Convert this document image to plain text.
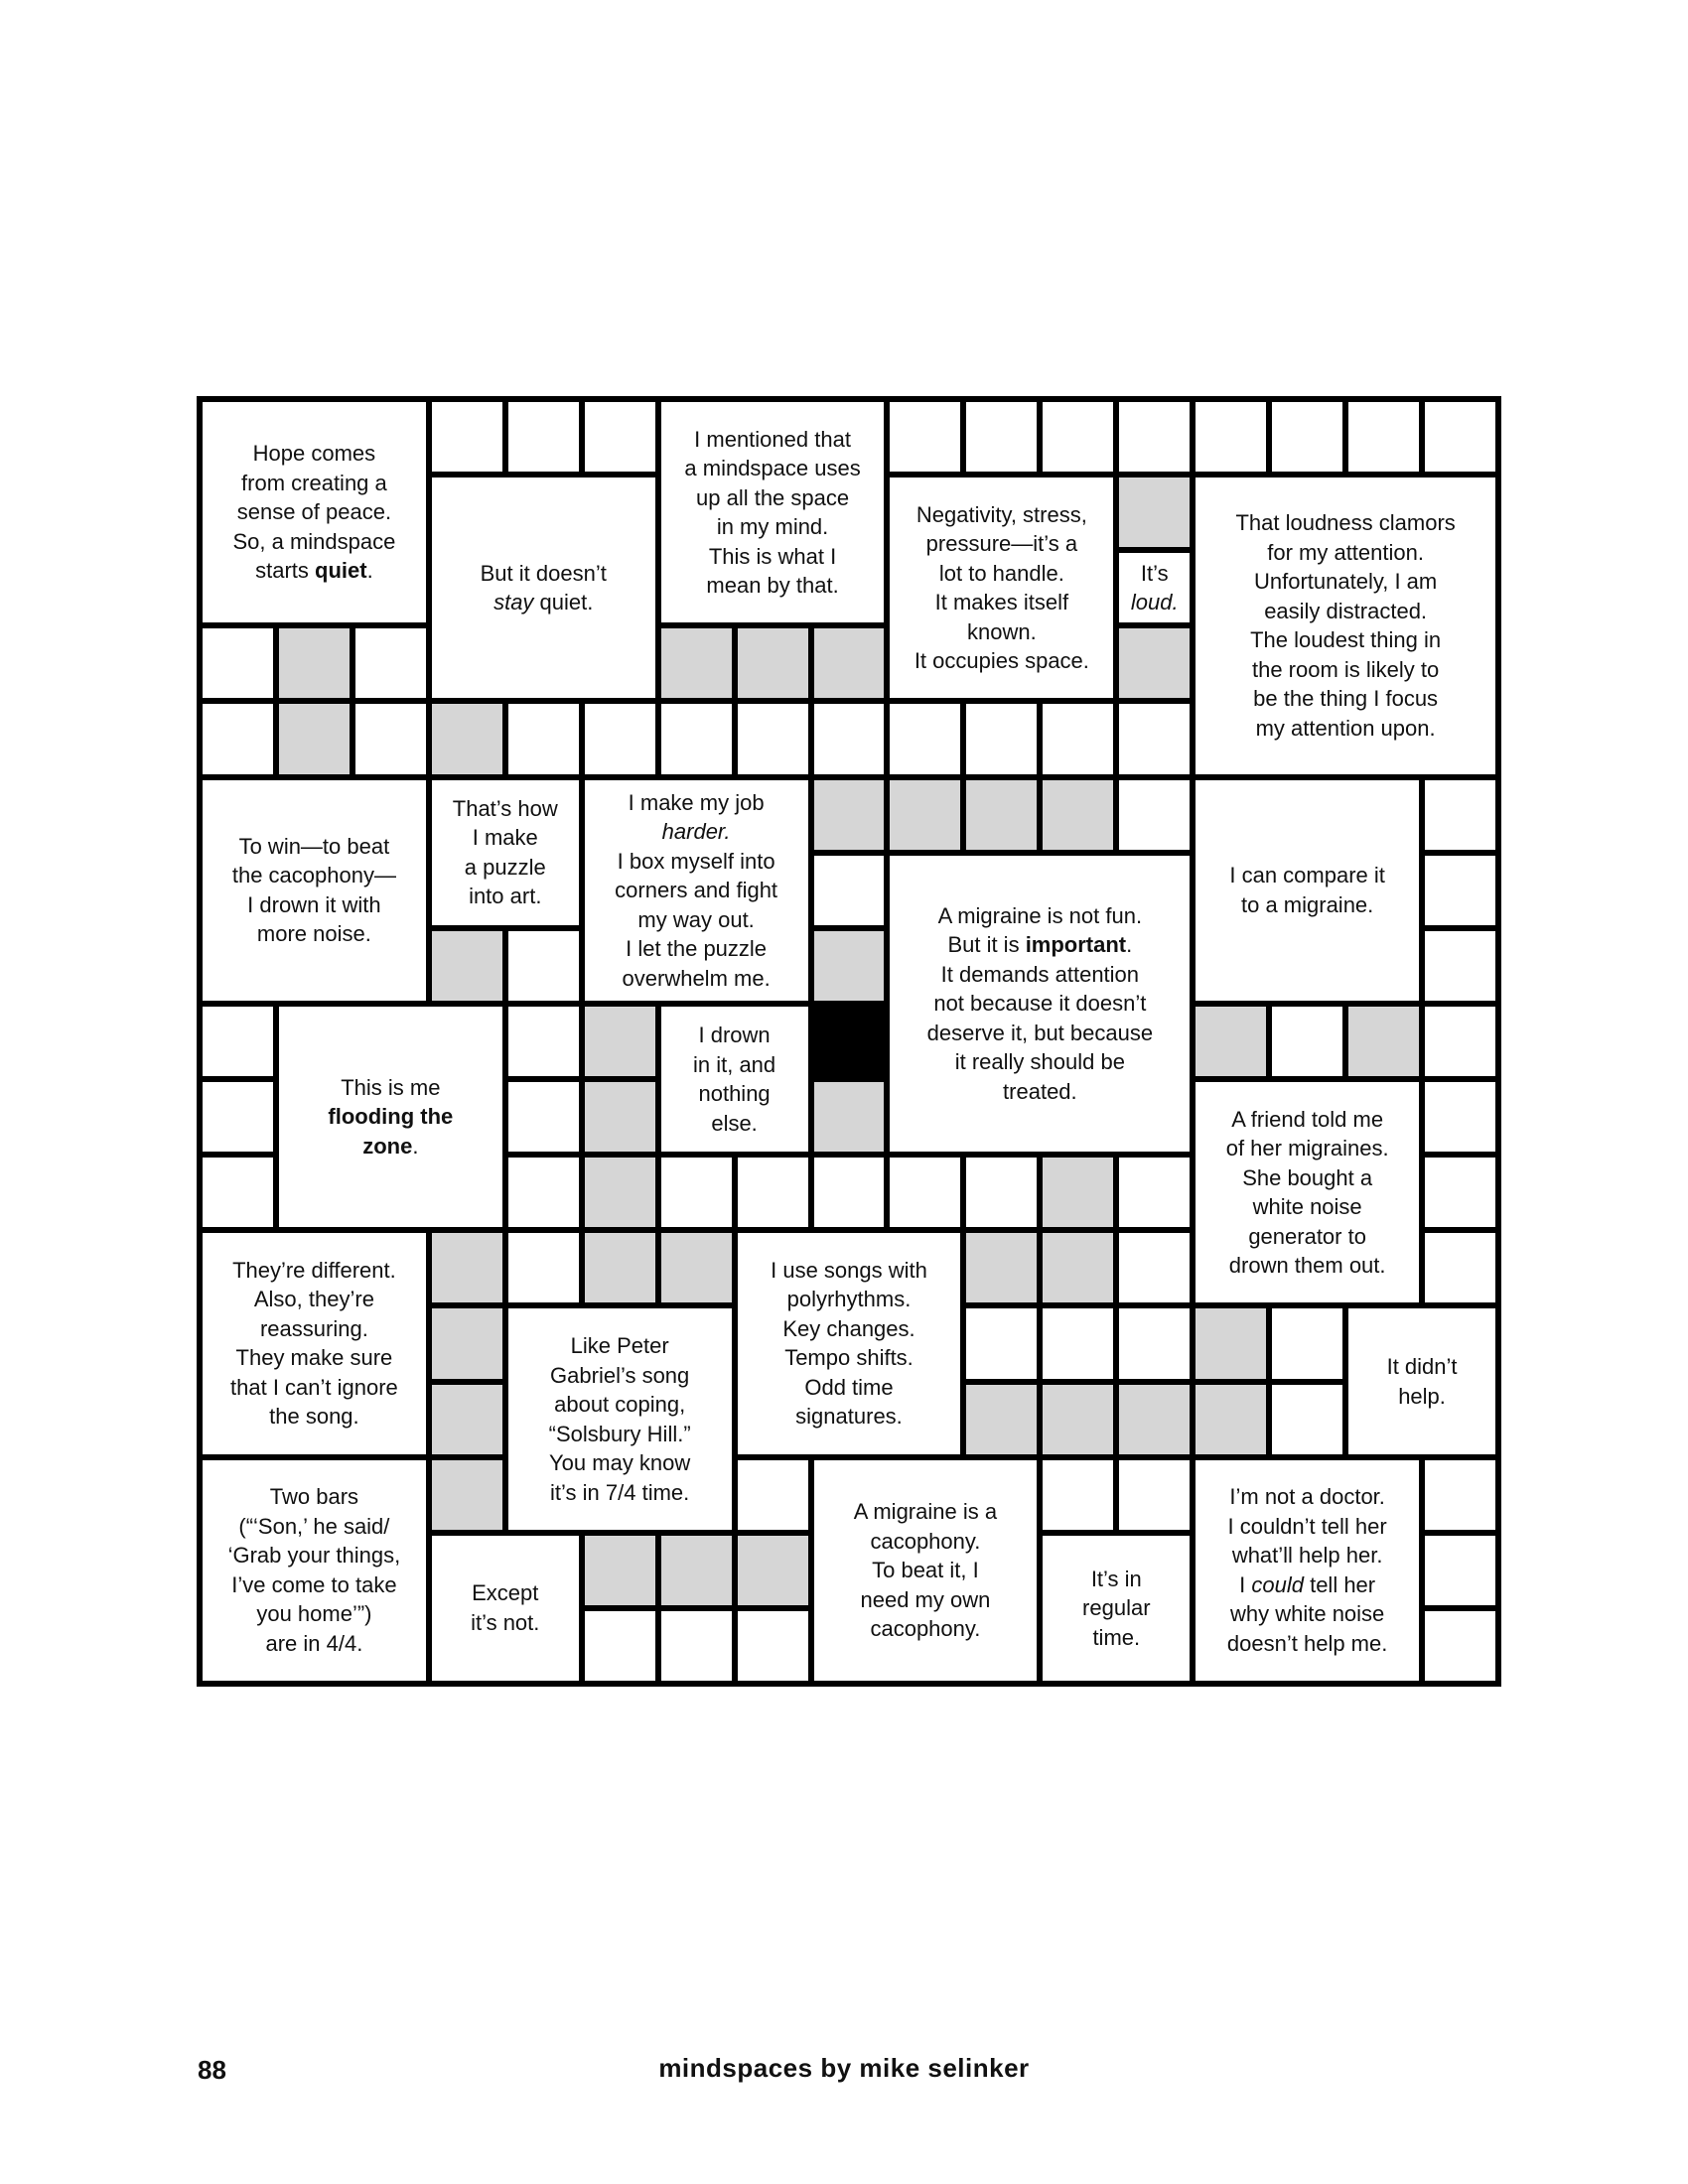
Hope comes
from creating a
sense of peace.
So, a mindspace
starts quiet.
I mentioned that
a mindspace uses
up all the space
in my mind.
This is what I
mean by that.
But it doesn’t
stay quiet.
Negativity, stress,
pressure—it’s a
lot to handle.
It makes itself
known.
It occupies space.
That loudness clamors
for my attention.
Unfortunately, I am
easily distracted.
The loudest thing in
the room is likely to
be the thing I focus
my attention upon.
It’s
loud.
To win—to beat
the cacophony—
I drown it with
more noise.
That’s how
I make
a puzzle
into art.
I make my job
harder.
I box myself into
corners and fight
my way out.
I let the puzzle
overwhelm me.
I can compare it
to a migraine.
A migraine is not fun.
But it is important.
It demands attention
not because it doesn’t
deserve it, but because
it really should be
treated.
This is me
flooding the
zone.
I drown
in it, and
nothing
else.	A friend told me
of her migraines.
She bought a
white noise
generator to
drown them out.
They’re different.
Also, they’re
reassuring.
They make sure
that I can’t ignore
the song.
I use songs with
polyrhythms.
Key changes.
Tempo shifts.
Odd time
signatures.
Like Peter
Gabriel’s song
about coping,
“Solsbury Hill.”
You may know
it’s in 7/4 time.
It didn’t
help.
Two bars
(“‘Son,’ he said/
‘Grab your things,
I’ve come to take
you home’”)
are in 4/4.
A migraine is a
cacophony.
To beat it, I
need my own
cacophony.
I’m not a doctor.
I couldn’t tell her
what’ll help her.
I could tell her
why white noise
doesn’t help me.
Except
it’s not.
It’s in
regular
time.
88	mindspaces by mike selinker
